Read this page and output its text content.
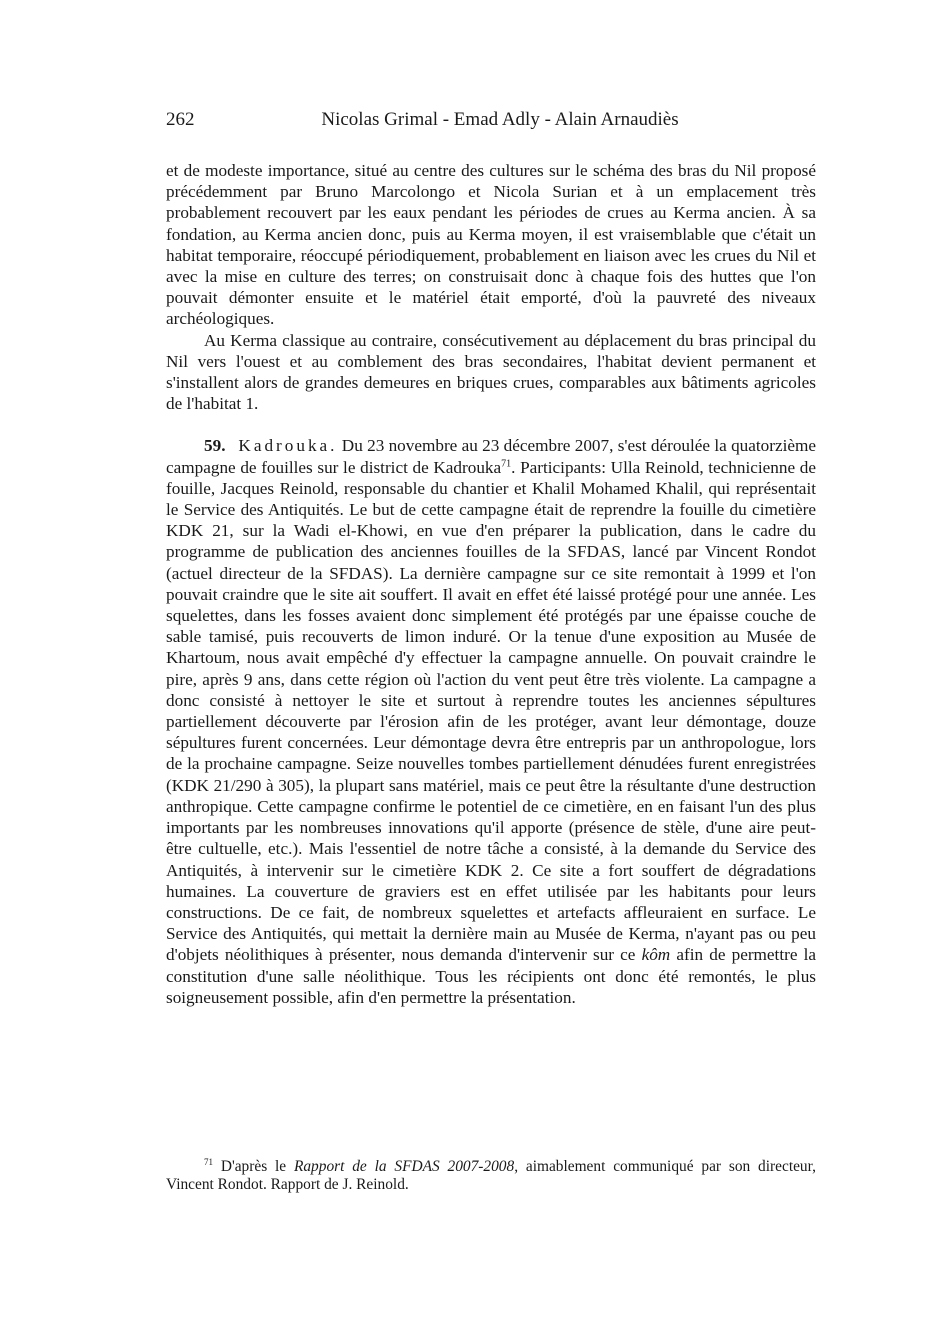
262	Nicolas Grimal - Emad Adly - Alain Arnaudiès

et de modeste importance, situé au centre des cultures sur le schéma des bras du Nil proposé précédemment par Bruno Marcolongo et Nicola Surian et à un emplacement très probablement recouvert par les eaux pendant les périodes de crues au Kerma ancien. À sa fondation, au Kerma ancien donc, puis au Kerma moyen, il est vraisemblable que c'était un habitat temporaire, réoccupé périodiquement, probablement en liaison avec les crues du Nil et avec la mise en culture des terres; on construisait donc à chaque fois des huttes que l'on pouvait démonter ensuite et le matériel était emporté, d'où la pauvreté des niveaux archéologiques.

Au Kerma classique au contraire, consécutivement au déplacement du bras principal du Nil vers l'ouest et au comblement des bras secondaires, l'habitat devient permanent et s'installent alors de grandes demeures en briques crues, comparables aux bâtiments agricoles de l'habitat 1.

59. Kadrouka. Du 23 novembre au 23 décembre 2007, s'est déroulée la quatorzième campagne de fouilles sur le district de Kadrouka$^{71}$. Participants: Ulla Reinold, technicienne de fouille, Jacques Reinold, responsable du chantier et Khalil Mohamed Khalil, qui représentait le Service des Antiquités. Le but de cette campagne était de reprendre la fouille du cimetière KDK 21, sur la Wadi el-Khowi, en vue d'en préparer la publication, dans le cadre du programme de publication des anciennes fouilles de la SFDAS, lancé par Vincent Rondot (actuel directeur de la SFDAS). La dernière campagne sur ce site remontait à 1999 et l'on pouvait craindre que le site ait souffert. Il avait en effet été laissé protégé pour une année. Les squelettes, dans les fosses avaient donc simplement été protégés par une épaisse couche de sable tamisé, puis recouverts de limon induré. Or la tenue d'une exposition au Musée de Khartoum, nous avait empêché d'y effectuer la campagne annuelle. On pouvait craindre le pire, après 9 ans, dans cette région où l'action du vent peut être très violente. La campagne a donc consisté à nettoyer le site et surtout à reprendre toutes les anciennes sépultures partiellement découverte par l'érosion afin de les protéger, avant leur démontage, douze sépultures furent concernées. Leur démontage devra être entrepris par un anthropologue, lors de la prochaine campagne. Seize nouvelles tombes partiellement dénudées furent enregistrées (KDK 21/290 à 305), la plupart sans matériel, mais ce peut être la résultante d'une destruction anthropique. Cette campagne confirme le potentiel de ce cimetière, en en faisant l'un des plus importants par les nombreuses innovations qu'il apporte (présence de stèle, d'une aire peut-être cultuelle, etc.). Mais l'essentiel de notre tâche a consisté, à la demande du Service des Antiquités, à intervenir sur le cimetière KDK 2. Ce site a fort souffert de dégradations humaines. La couverture de graviers est en effet utilisée par les habitants pour leurs constructions. De ce fait, de nombreux squelettes et artefacts affleuraient en surface. Le Service des Antiquités, qui mettait la dernière main au Musée de Kerma, n'ayant pas ou peu d'objets néolithiques à présenter, nous demanda d'intervenir sur ce kôm afin de permettre la constitution d'une salle néolithique. Tous les récipients ont donc été remontés, le plus soigneusement possible, afin d'en permettre la présentation.

$^{71}$ D'après le Rapport de la SFDAS 2007-2008, aimablement communiqué par son directeur, Vincent Rondot. Rapport de J. Reinold.
